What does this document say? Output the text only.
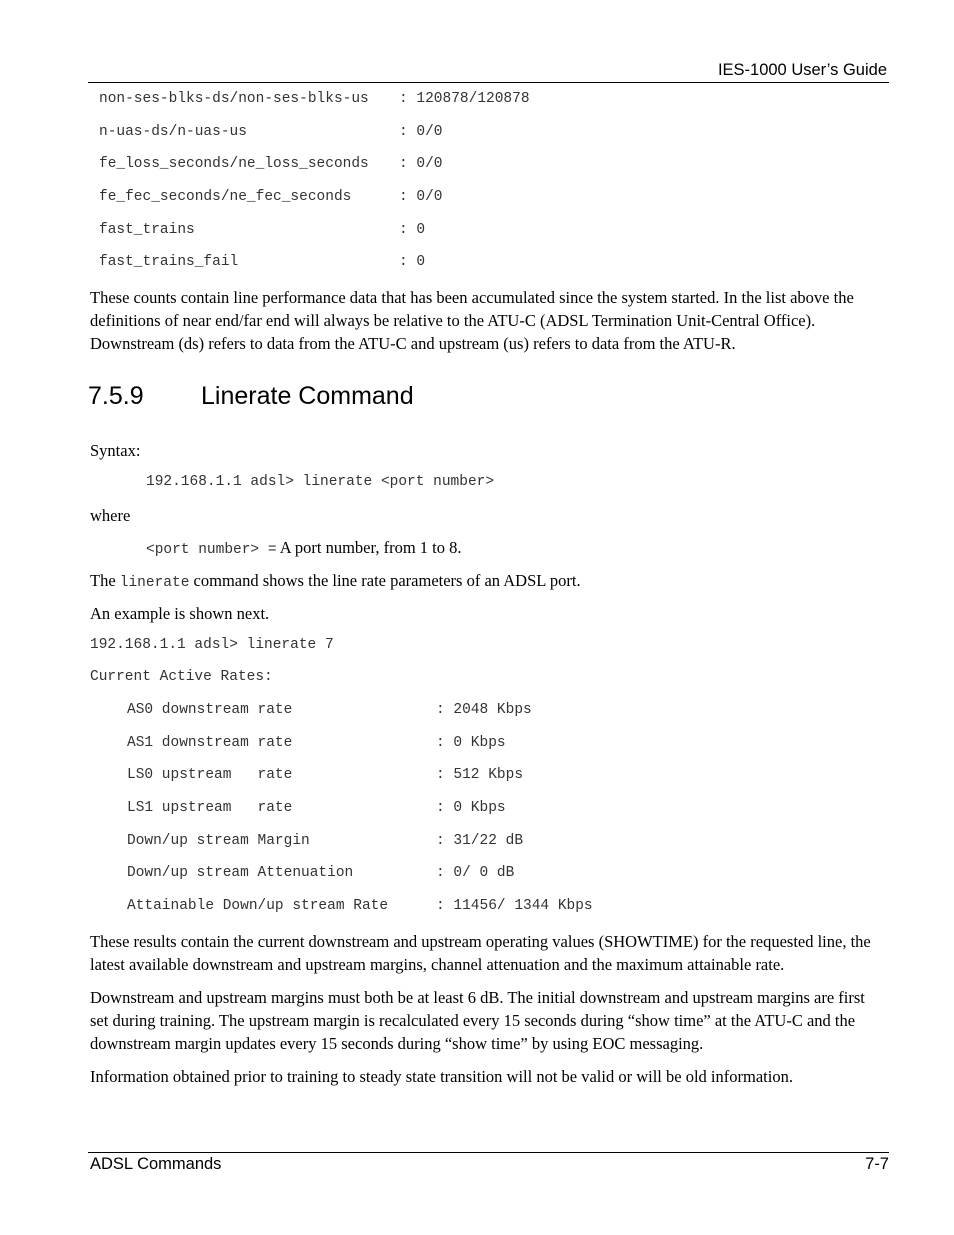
IES-1000 User’s Guide
non-ses-blks-ds/non-ses-blks-us : 120878/120878
n-uas-ds/n-uas-us	: 0/0
fe_loss_seconds/ne_loss_seconds : 0/0
fe_fec_seconds/ne_fec_seconds	: 0/0
fast_trains	: 0
fast_trains_fail	: 0
These counts contain line performance data that has been accumulated since the system started. In the list above the definitions of near end/far end will always be relative to the ATU-C (ADSL Termination Unit-Central Office). Downstream (ds) refers to data from the ATU-C and upstream (us) refers to data from the ATU-R.
7.5.9 Linerate Command
Syntax:
192.168.1.1 adsl> linerate <port number>
where
<port number> = A port number, from 1 to 8.
The linerate command shows the line rate parameters of an ADSL port.
An example is shown next.
192.168.1.1 adsl> linerate 7
Current Active Rates:
AS0 downstream rate	: 2048 Kbps
AS1 downstream rate	: 0 Kbps
LS0 upstream   rate	: 512 Kbps
LS1 upstream   rate	: 0 Kbps
Down/up stream Margin	: 31/22 dB
Down/up stream Attenuation	: 0/ 0 dB
Attainable Down/up stream Rate	: 11456/ 1344 Kbps
These results contain the current downstream and upstream operating values (SHOWTIME) for the requested line, the latest available downstream and upstream margins, channel attenuation and the maximum attainable rate.
Downstream and upstream margins must both be at least 6 dB. The initial downstream and upstream margins are first set during training. The upstream margin is recalculated every 15 seconds during “show time” at the ATU-C and the downstream margin updates every 15 seconds during “show time” by using EOC messaging.
Information obtained prior to training to steady state transition will not be valid or will be old information.
ADSL Commands	7-7
